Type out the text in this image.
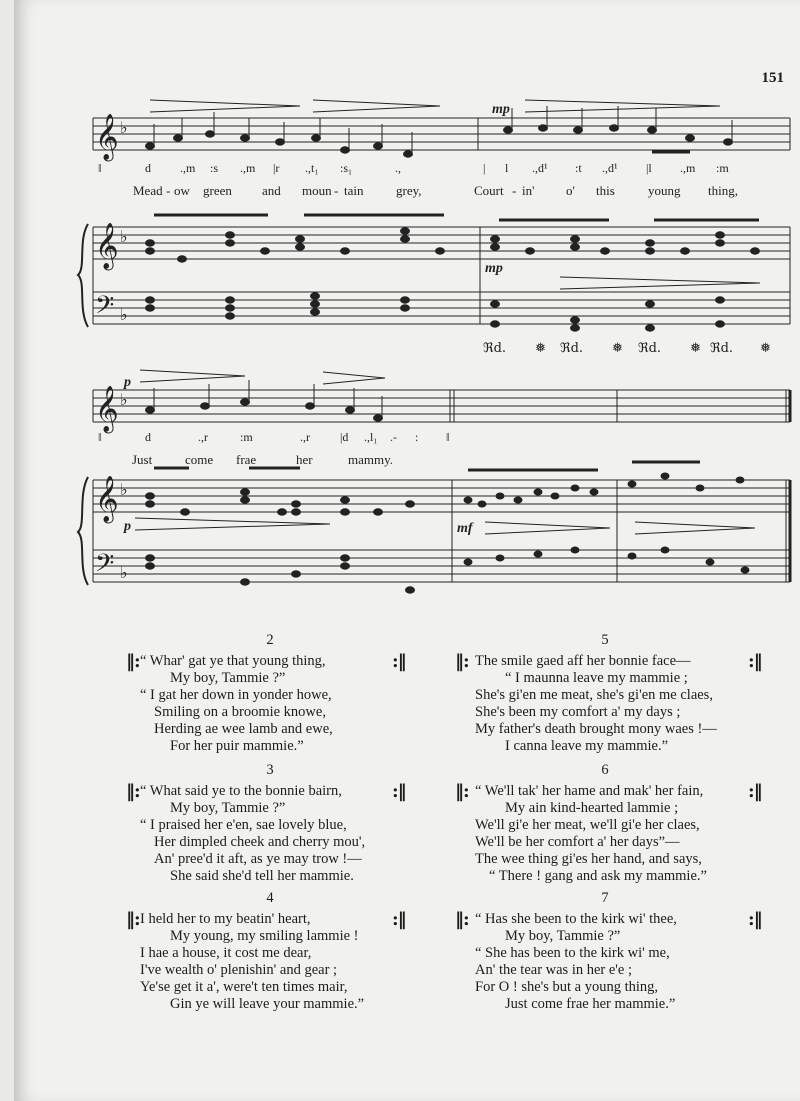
151
𝄞
𝄞
𝄢
𝄞
𝄞
𝄢
♭
♭
♭
♭
♭
♭
mp
mp
p
p	mf
‖	d .,m :s .,m |r .,t₁ :s₁	.,	| l .,d¹ :t .,d¹ |l .,m :m
Mead - ow green and moun - tain	grey,	Court - in' o' this	young thing,
ℜd. ❅ ℜd. ❅ ℜd. ❅ ℜd. ❅
‖	d	.,r	:m	.,r	|d .,l₁ .- : ‖
Just	come frae	her	mammy.
2
“ Whar' gat ye that young thing,
My boy, Tammie ?”
“ I gat her down in yonder howe,
Smiling on a broomie knowe,
Herding ae wee lamb and ewe,
For her puir mammie.”
‖:	:‖
3
“ What said ye to the bonnie bairn,
My boy, Tammie ?”
“ I praised her e'en, sae lovely blue,
Her dimpled cheek and cherry mou',
An' pree'd it aft, as ye may trow !—
She said she'd tell her mammie.
‖:	:‖
4
I held her to my beatin' heart,
My young, my smiling lammie !
I hae a house, it cost me dear,
I've wealth o' plenishin' and gear ;
Ye'se get it a', were't ten times mair,
Gin ye will leave your mammie.”
‖:	:‖
5
The smile gaed aff her bonnie face—
“ I maunna leave my mammie ;
She's gi'en me meat, she's gi'en me claes,
She's been my comfort a' my days ;
My father's death brought mony waes !—
I canna leave my mammie.”
‖:	:‖
6
“ We'll tak' her hame and mak' her fain,
My ain kind-hearted lammie ;
We'll gi'e her meat, we'll gi'e her claes,
We'll be her comfort a' her days”—
The wee thing gi'es her hand, and says,
“ There ! gang and ask my mammie.”
‖:	:‖
7
“ Has she been to the kirk wi' thee,
My boy, Tammie ?”
“ She has been to the kirk wi' me,
An' the tear was in her e'e ;
For O ! she's but a young thing,
Just come frae her mammie.”
‖:	:‖
